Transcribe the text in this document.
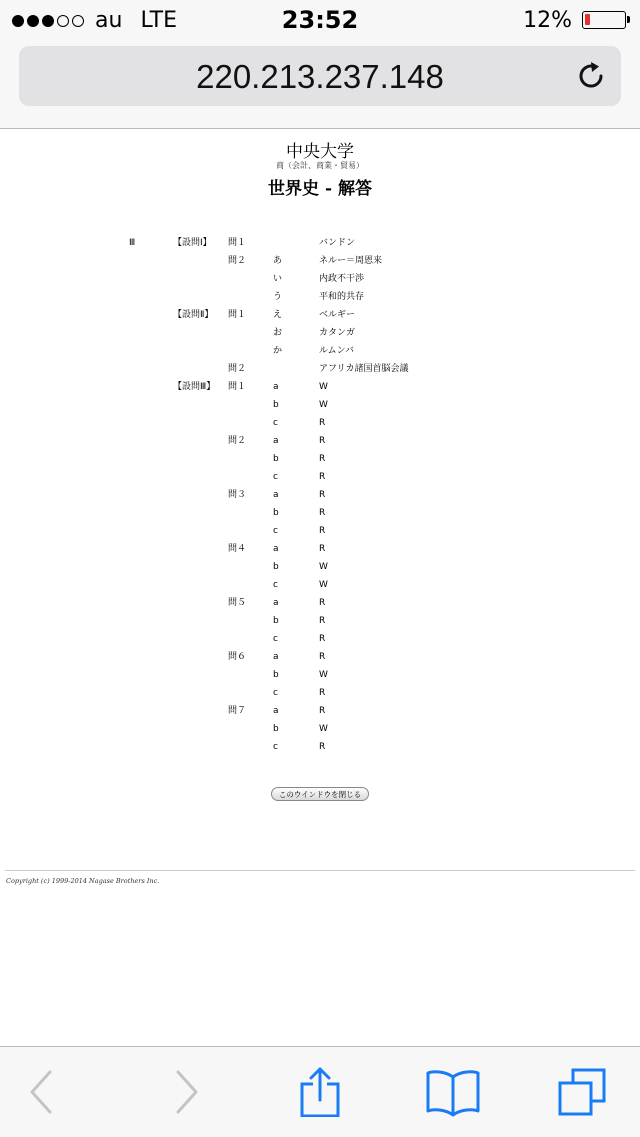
au LTE	23:52	12%
220.213.237.148
中央大学
商（会計、商業・貿易）
世界史 - 解答
Ⅲ	【設問Ⅰ】 問１	バンドン
問２	あ	ネルー＝周恩来
い	内政不干渉
う	平和的共存
【設問Ⅱ】 問１	え	ベルギー
お	カタンガ
か	ルムンバ
問２	アフリカ諸国首脳会議
【設問Ⅲ】 問１	a	W
b	W
c	R
問２	a	R
b	R
c	R
問３	a	R
b	R
c	R
問４	a	R
b	W
c	W
問５	a	R
b	R
c	R
問６	a	R
b	W
c	R
問７	a	R
b	W
c	R
このウインドウを閉じる
Copyright (c) 1999-2014 Nagase Brothers Inc.
